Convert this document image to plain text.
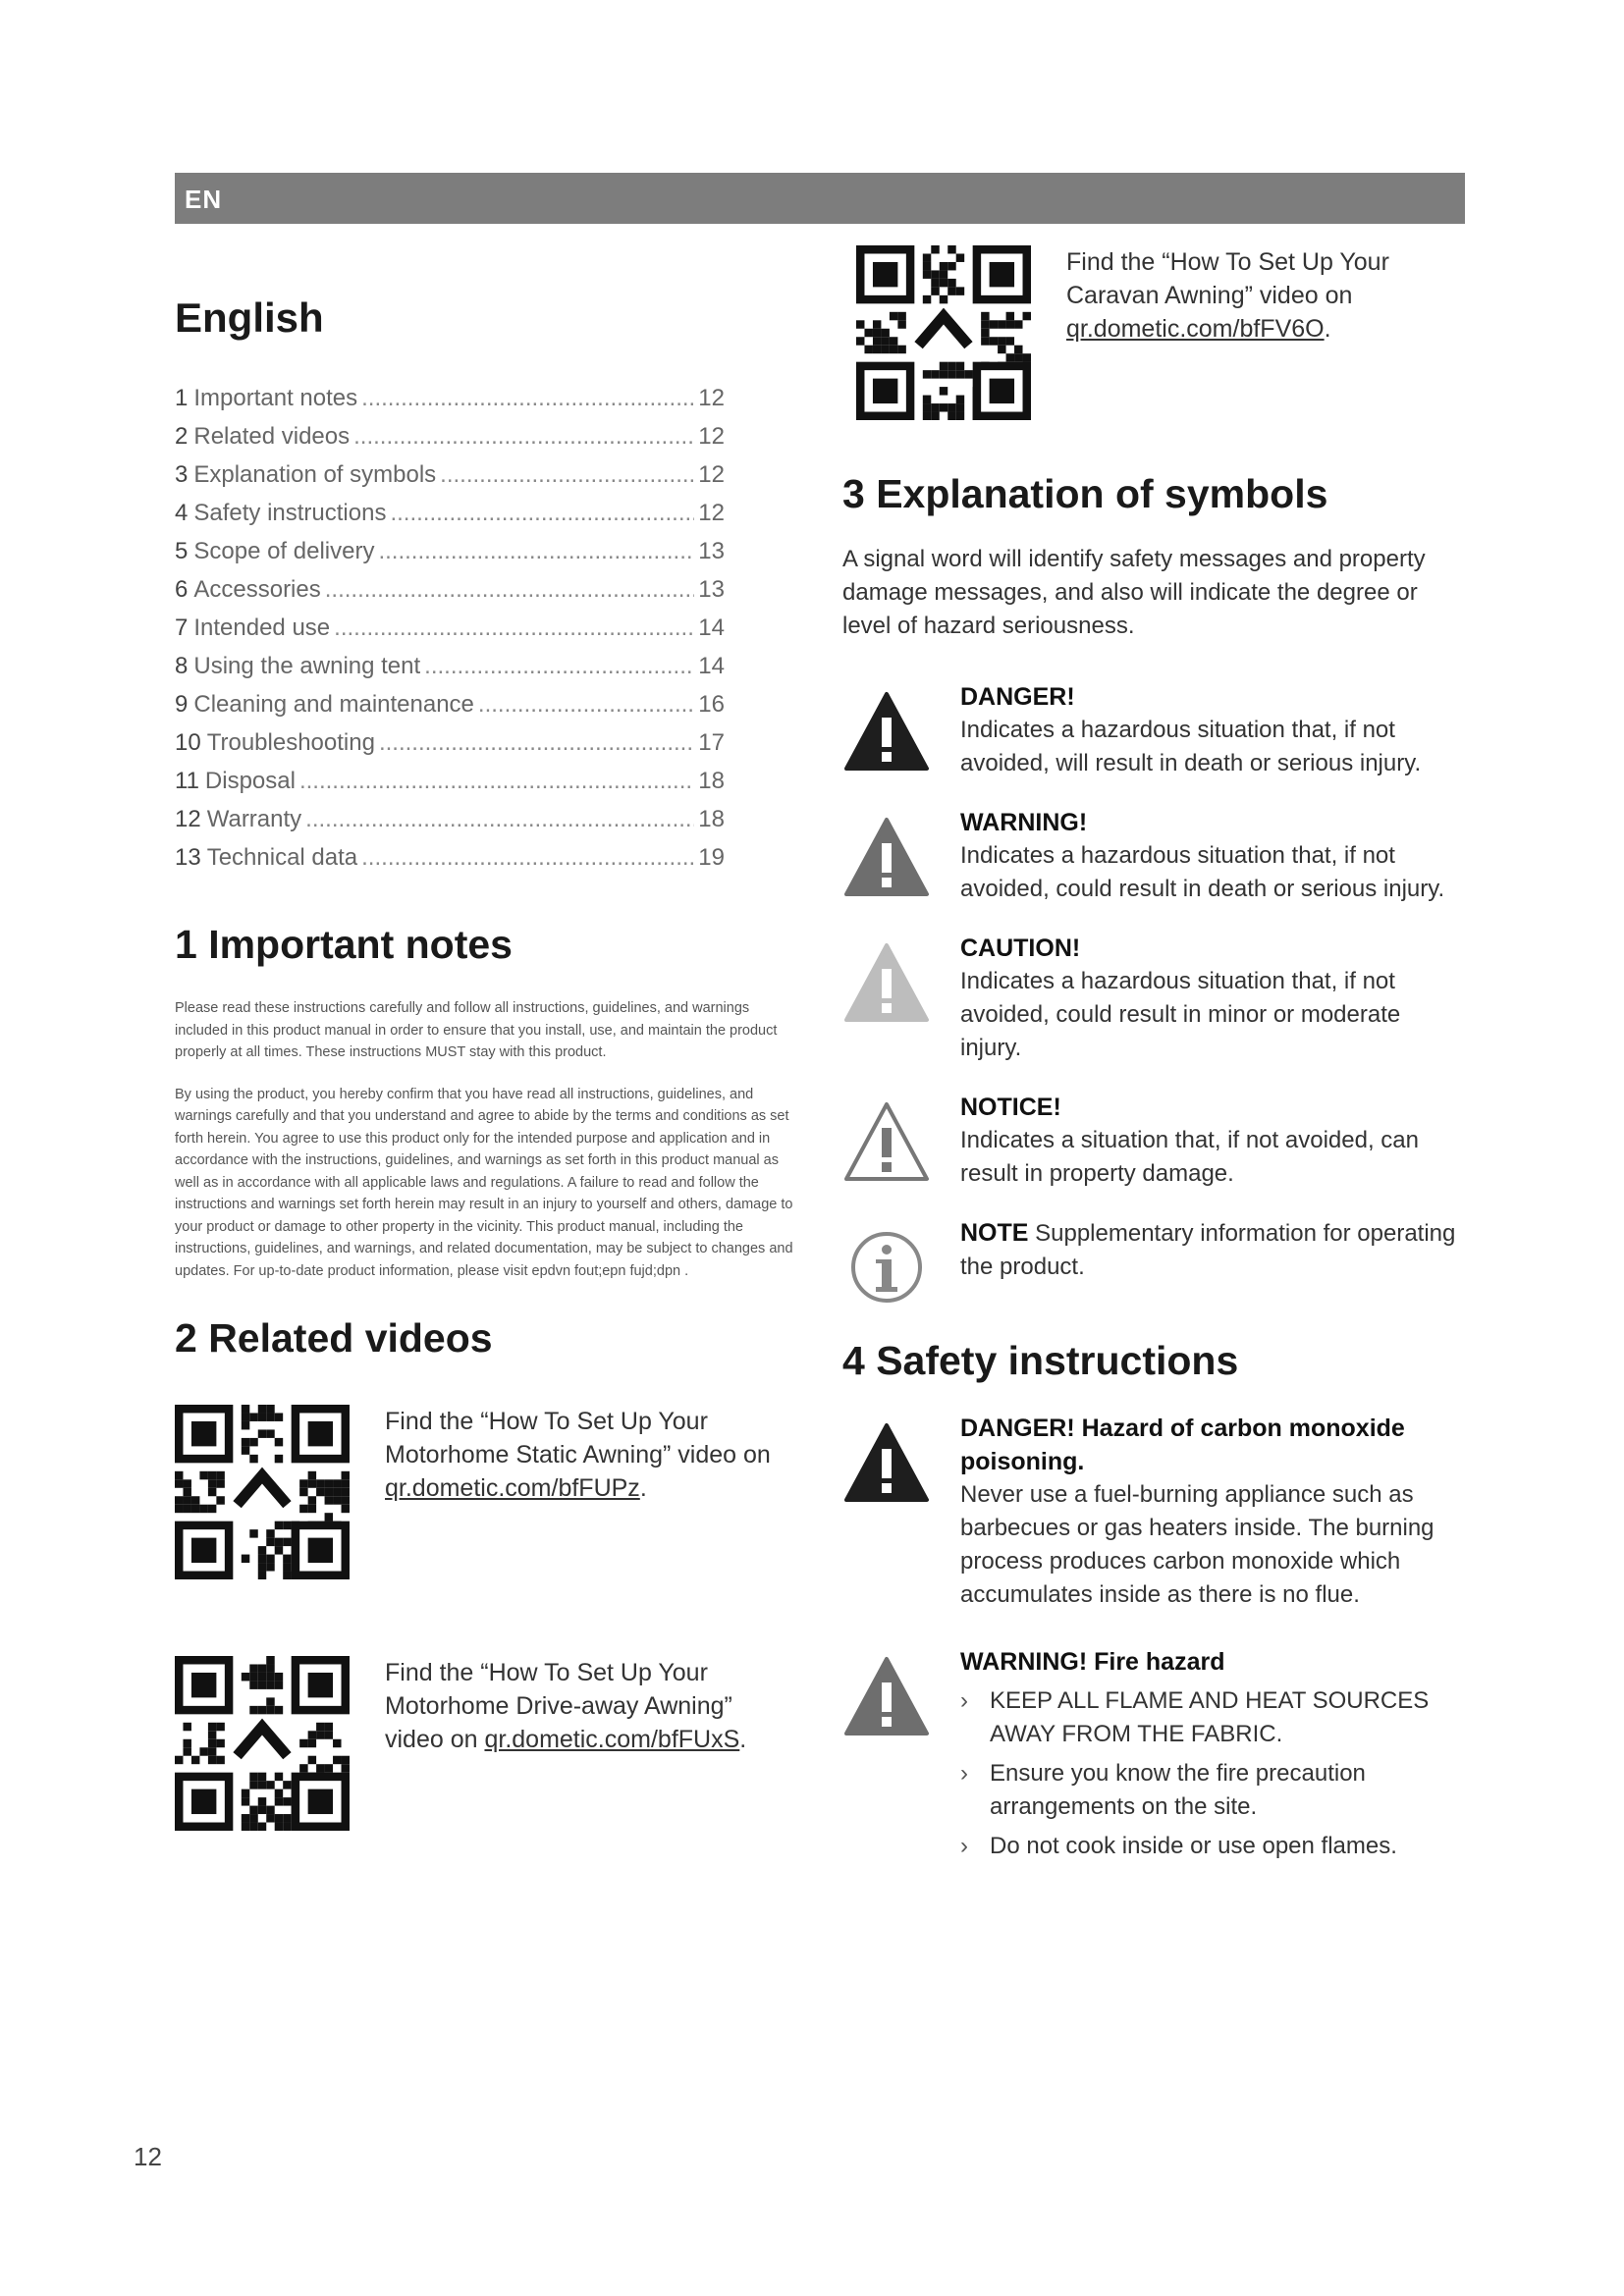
EN
English
1 Important notes .....	12
2 Related videos .....	12
3 Explanation of symbols .....	12
4 Safety instructions .....	12
5 Scope of delivery .....	13
6 Accessories .....	13
7 Intended use .....	14
8 Using the awning tent .....	14
9 Cleaning and maintenance .....	16
10 Troubleshooting .....	17
11 Disposal .....	18
12 Warranty .....	18
13 Technical data .....	19
1 Important notes

Please read these instructions carefully and follow all instructions, guidelines, and warnings included in this product manual in order to ensure that you install, use, and maintain the product properly at all times. These instructions MUST stay with this product.

By using the product, you hereby confirm that you have read all instructions, guidelines, and warnings carefully and that you understand and agree to abide by the terms and conditions as set forth herein. You agree to use this product only for the intended purpose and application and in accordance with the instructions, guidelines, and warnings as set forth in this product manual as well as in accordance with all applicable laws and regulations. A failure to read and follow the instructions and warnings set forth herein may result in an injury to yourself and others, damage to your product or damage to other property in the vicinity. This product manual, including the instructions, guidelines, and warnings, and related documentation, may be subject to changes and updates. For up-to-date product information, please visit epdvn fout;epn fujd;dpn .

2 Related videos
Find the “How To Set Up Your Motorhome Static Awning” video on qr.dometic.com/bfFUPz.
Find the “How To Set Up Your Motorhome Drive-away Awning” video on qr.dometic.com/bfFUxS.
Find the “How To Set Up Your Caravan Awning” video on qr.dometic.com/bfFV6O.
3 Explanation of symbols

A signal word will identify safety messages and property damage messages, and also will indicate the degree or level of hazard seriousness.

DANGER!
Indicates a hazardous situation that, if not avoided, will result in death or serious injury.
WARNING!
Indicates a hazardous situation that, if not avoided, could result in death or serious injury.
CAUTION!
Indicates a hazardous situation that, if not avoided, could result in minor or moderate injury.
NOTICE!
Indicates a situation that, if not avoided, can result in property damage.
NOTE Supplementary information for operating the product.
4 Safety instructions
DANGER! Hazard of carbon monoxide poisoning.
Never use a fuel-burning appliance such as barbecues or gas heaters inside. The burning process produces carbon monoxide which accumulates inside as there is no flue.
WARNING! Fire hazard
› KEEP ALL FLAME AND HEAT SOURCES AWAY FROM THE FABRIC.
› Ensure you know the fire precaution arrangements on the site.
› Do not cook inside or use open flames.
12
